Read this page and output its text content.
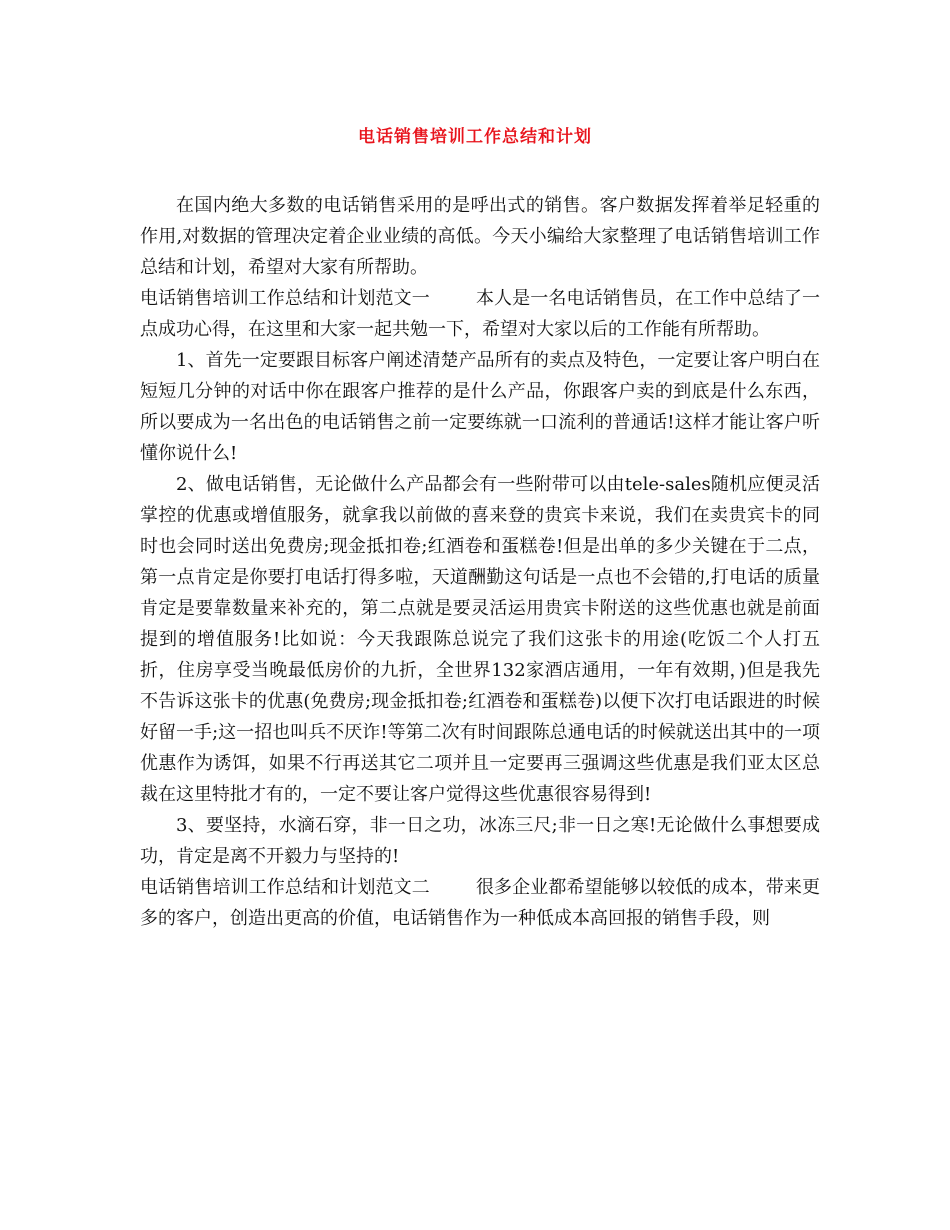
电话销售培训工作总结和计划

在国内绝大多数的电话销售采用的是呼出式的销售。客户数据发挥着举足轻重的作用,对数据的管理决定着企业业绩的高低。今天小编给大家整理了电话销售培训工作总结和计划，希望对大家有所帮助。

电话销售培训工作总结和计划范文一	本人是一名电话销售员，在工作中总结了一点成功心得，在这里和大家一起共勉一下，希望对大家以后的工作能有所帮助。

1、首先一定要跟目标客户阐述清楚产品所有的卖点及特色，一定要让客户明白在短短几分钟的对话中你在跟客户推荐的是什么产品，你跟客户卖的到底是什么东西，所以要成为一名出色的电话销售之前一定要练就一口流利的普通话!这样才能让客户听懂你说什么!

2、做电话销售，无论做什么产品都会有一些附带可以由tele-sales随机应便灵活掌控的优惠或增值服务，就拿我以前做的喜来登的贵宾卡来说，我们在卖贵宾卡的同时也会同时送出免费房;现金抵扣卷;红酒卷和蛋糕卷!但是出单的多少关键在于二点，第一点肯定是你要打电话打得多啦，天道酬勤这句话是一点也不会错的,打电话的质量肯定是要靠数量来补充的，第二点就是要灵活运用贵宾卡附送的这些优惠也就是前面提到的增值服务!比如说：今天我跟陈总说完了我们这张卡的用途(吃饭二个人打五折，住房享受当晚最低房价的九折，全世界132家酒店通用，一年有效期，)但是我先不告诉这张卡的优惠(免费房;现金抵扣卷;红酒卷和蛋糕卷)以便下次打电话跟进的时候好留一手;这一招也叫兵不厌诈!等第二次有时间跟陈总通电话的时候就送出其中的一项优惠作为诱饵，如果不行再送其它二项并且一定要再三强调这些优惠是我们亚太区总裁在这里特批才有的，一定不要让客户觉得这些优惠很容易得到!

3、要坚持，水滴石穿，非一日之功，冰冻三尺;非一日之寒!无论做什么事想要成功，肯定是离不开毅力与坚持的!

电话销售培训工作总结和计划范文二	很多企业都希望能够以较低的成本，带来更多的客户，创造出更高的价值，电话销售作为一种低成本高回报的销售手段，则
